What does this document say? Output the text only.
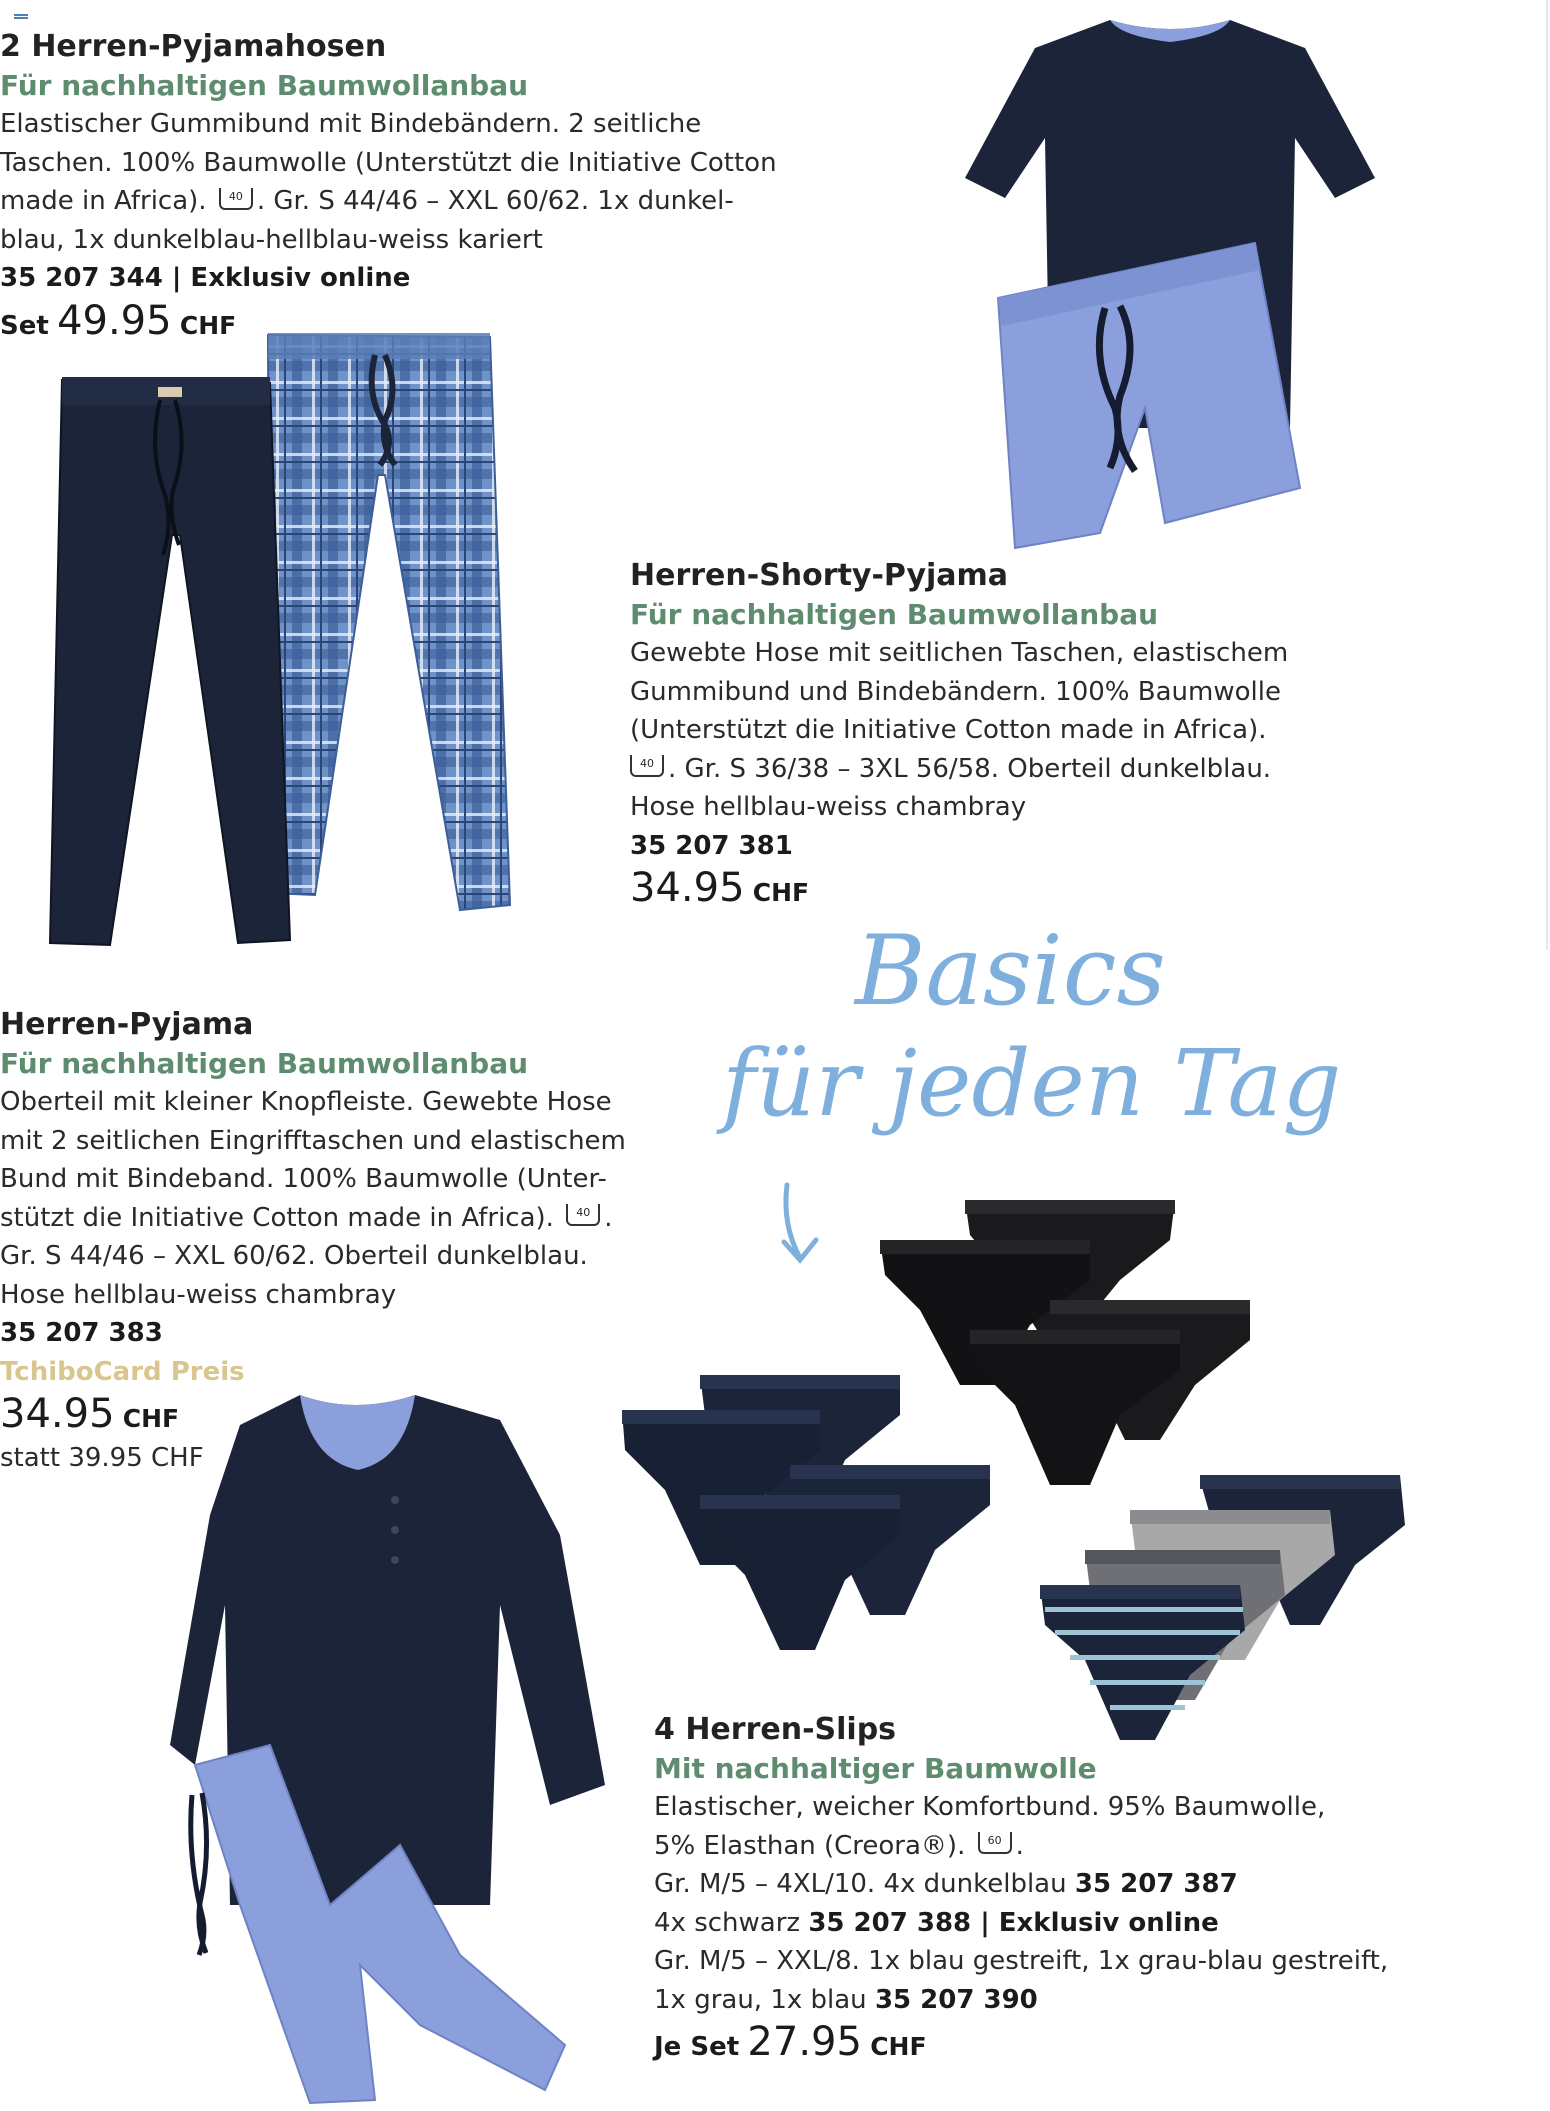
2 Herren-Pyjamahosen
Für nachhaltigen Baumwollanbau
Elastischer Gummibund mit Bindebändern. 2 seitliche
Taschen. 100% Baumwolle (Unterstützt die Initiative Cotton
made in Africa). 40 . Gr. S 44/46 – XXL 60/62. 1x dunkel-
blau, 1x dunkelblau-hellblau-weiss kariert
35 207 344 | Exklusiv online
Set 49.95 CHF
Herren-Shorty-Pyjama
Für nachhaltigen Baumwollanbau
Gewebte Hose mit seitlichen Taschen, elastischem
Gummibund und Bindebändern. 100% Baumwolle
(Unterstützt die Initiative Cotton made in Africa).
40 . Gr. S 36/38 – 3XL 56/58. Oberteil dunkelblau.
Hose hellblau-weiss chambray
35 207 381
34.95 CHF
Basics
für jeden Tag
Herren-Pyjama
Für nachhaltigen Baumwollanbau
Oberteil mit kleiner Knopfleiste. Gewebte Hose
mit 2 seitlichen Eingrifftaschen und elastischem
Bund mit Bindeband. 100% Baumwolle (Unter-
stützt die Initiative Cotton made in Africa). 40 .
Gr. S 44/46 – XXL 60/62. Oberteil dunkelblau.
Hose hellblau-weiss chambray
35 207 383
TchiboCard Preis
34.95 CHF
statt 39.95 CHF
4 Herren-Slips
Mit nachhaltiger Baumwolle
Elastischer, weicher Komfortbund. 95% Baumwolle,
5% Elasthan (Creora®). 60 .
Gr. M/5 – 4XL/10. 4x dunkelblau 35 207 387
4x schwarz 35 207 388 | Exklusiv online
Gr. M/5 – XXL/8. 1x blau gestreift, 1x grau-blau gestreift,
1x grau, 1x blau 35 207 390
Je Set 27.95 CHF
